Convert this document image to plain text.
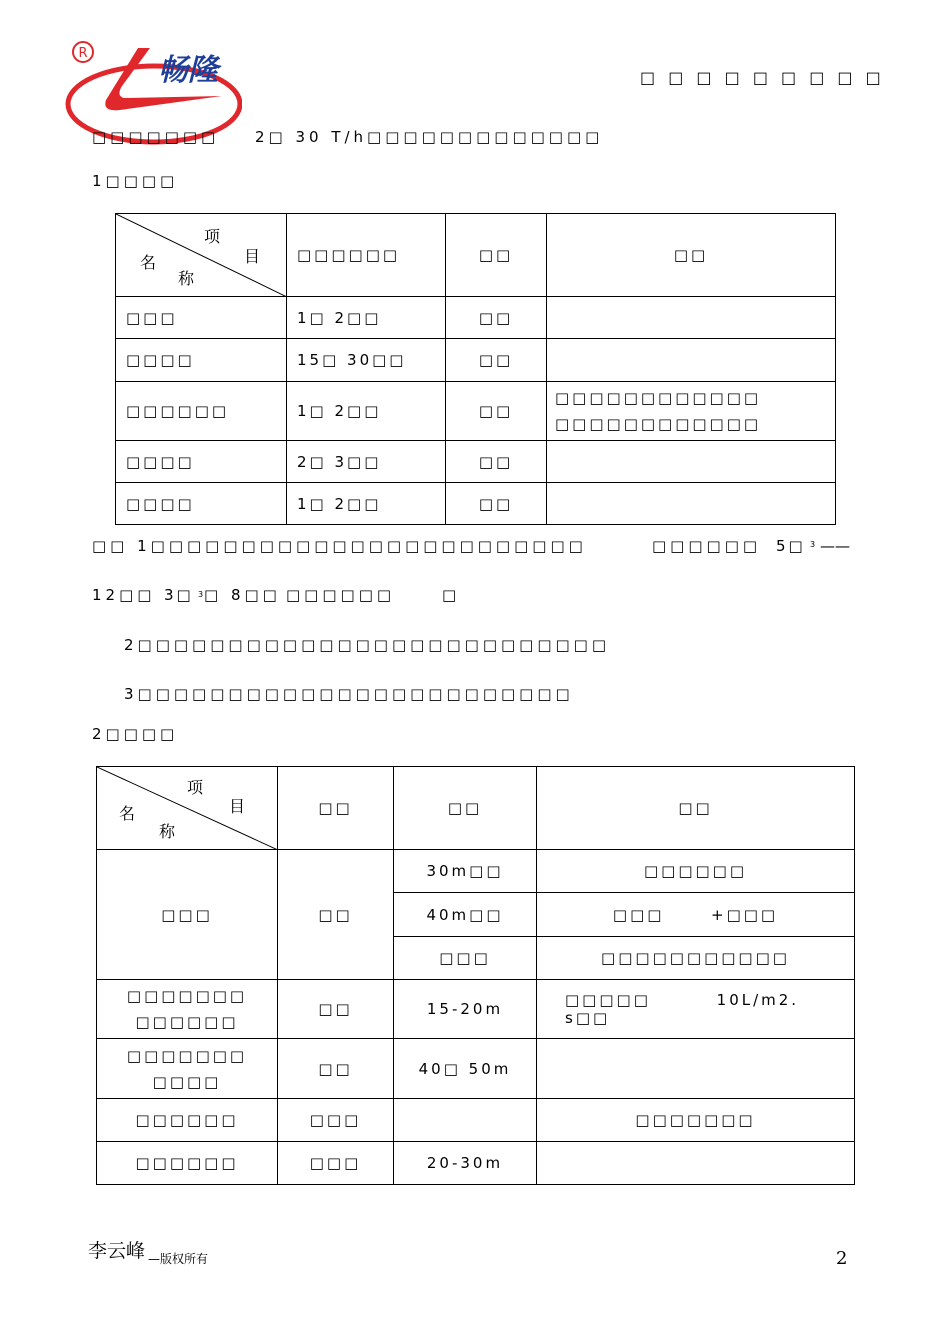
R 畅隆	□ □ □ □ □ □ □ □ □
□□□□□□□ 2□ 30 T/h□□□□□□□□□□□□□
1□□□□
项
目
名
称	□□□□□□	□□	□□
□□□	1□ 2□□	□□	
□□□□	15□ 30□□	□□	
□□□□□□	1□ 2□□	□□	□□□□□□□□□□□□
□□□□□□□□□□□□

□□□□	2□ 3□□	□□	
□□□□	1□ 2□□	□□	
□□ 1□□□□□□□□□□□□□□□□□□□□□□□□	□□□□□□ 5□ 3 ——
12□□ 3□ 3 □ 8□□ □□□□□□	□
2□□□□□□□□□□□□□□□□□□□□□□□□□□
3□□□□□□□□□□□□□□□□□□□□□□□□
2□□□□
项
目
名
称	□□	□□	□□
□□□	□□	30m□□	□□□□□□
		40m□□	□□□      +□□□
		□□□	□□□□□□□□□□□

□□□□□□□
□□□□□□	□□	15-20m	□□□□□ 10L/m2. s□□

□□□□□□□
□□□□	□□	40□ 50m	
□□□□□□	□□□		□□□□□□□
□□□□□□	□□□	20-30m	
李云峰 —版权所有	2
